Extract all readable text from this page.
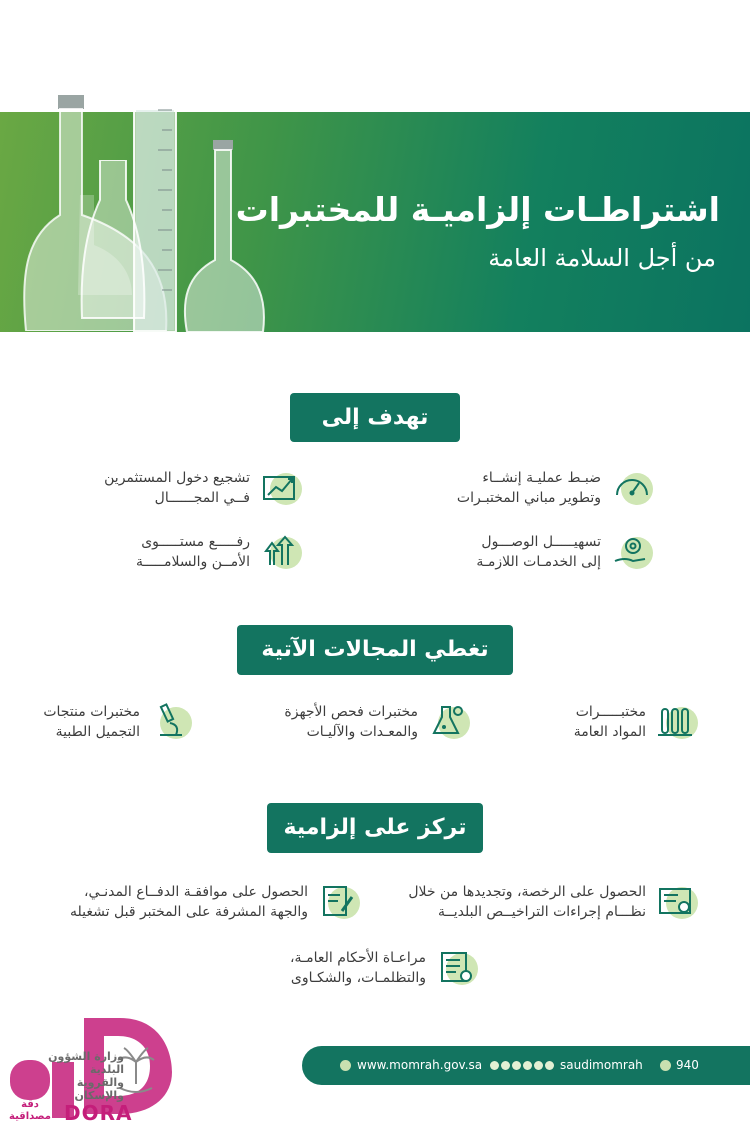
اشتراطـات إلزاميـة للمختبرات
من أجل السلامة العامة
تهدف إلى
ضبـط عمليـة إنشــاء
وتطوير مباني المختبـرات
تشجيع دخول المستثمرين
فــي المجــــــال
تسهيـــــل الوصـــول
إلى الخدمـات اللازمـة
رفـــــع مستـــــوى
الأمــن والسلامـــــة
تغطي المجالات الآتية
مختبـــــرات
المواد العامة
مختبرات فحص الأجهزة
والمعـدات والآليـات
مختبرات منتجات
التجميل الطبية
تركز على إلزامية
الحصول على الرخصة، وتجديدها من خلال
نظـــام إجراءات التراخيــص البلديــة
الحصول على موافقـة الدفــاع المدنـي،
والجهة المشرفة على المختبر قبل تشغيله
مراعـاة الأحكام العامـة،
والتظلمـات، والشكـاوى
www.momrah.gov.sa	saudimomrah	940
وزارة الشؤون البلدية
والقروية والإسكان
DORA
دقة
مصداقية
